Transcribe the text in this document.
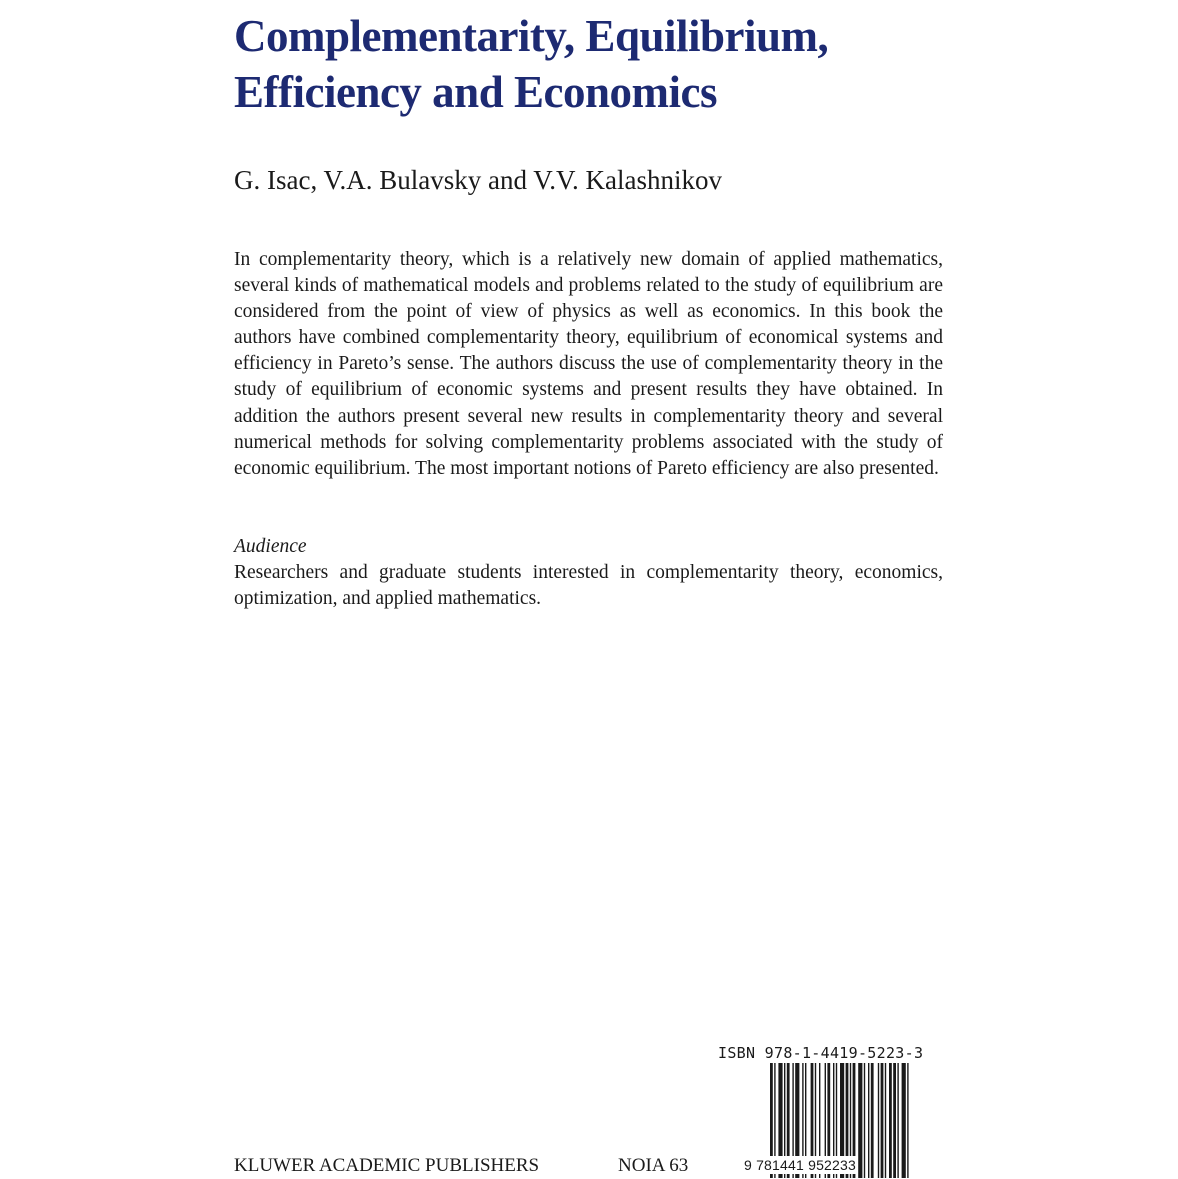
Complementarity, Equilibrium,
Efficiency and Economics
G. Isac, V.A. Bulavsky and V.V. Kalashnikov

In complementarity theory, which is a relatively new domain of applied mathematics, several kinds of mathematical models and problems related to the study of equilibrium are considered from the point of view of physics as well as economics. In this book the authors have combined complementarity theory, equilibrium of economical systems and efficiency in Pareto’s sense. The authors discuss the use of complementarity theory in the study of equilibrium of economic systems and present results they have obtained. In addition the authors present several new results in complementarity theory and several numerical methods for solving complementarity problems associated with the study of economic equilibrium. The most important notions of Pareto efficiency are also presented.

Audience

Researchers and graduate students interested in complementarity theory, economics, optimization, and applied mathematics.

ISBN 978-1-4419-5223-3
9 781441 952233
KLUWER ACADEMIC PUBLISHERS	NOIA 63
